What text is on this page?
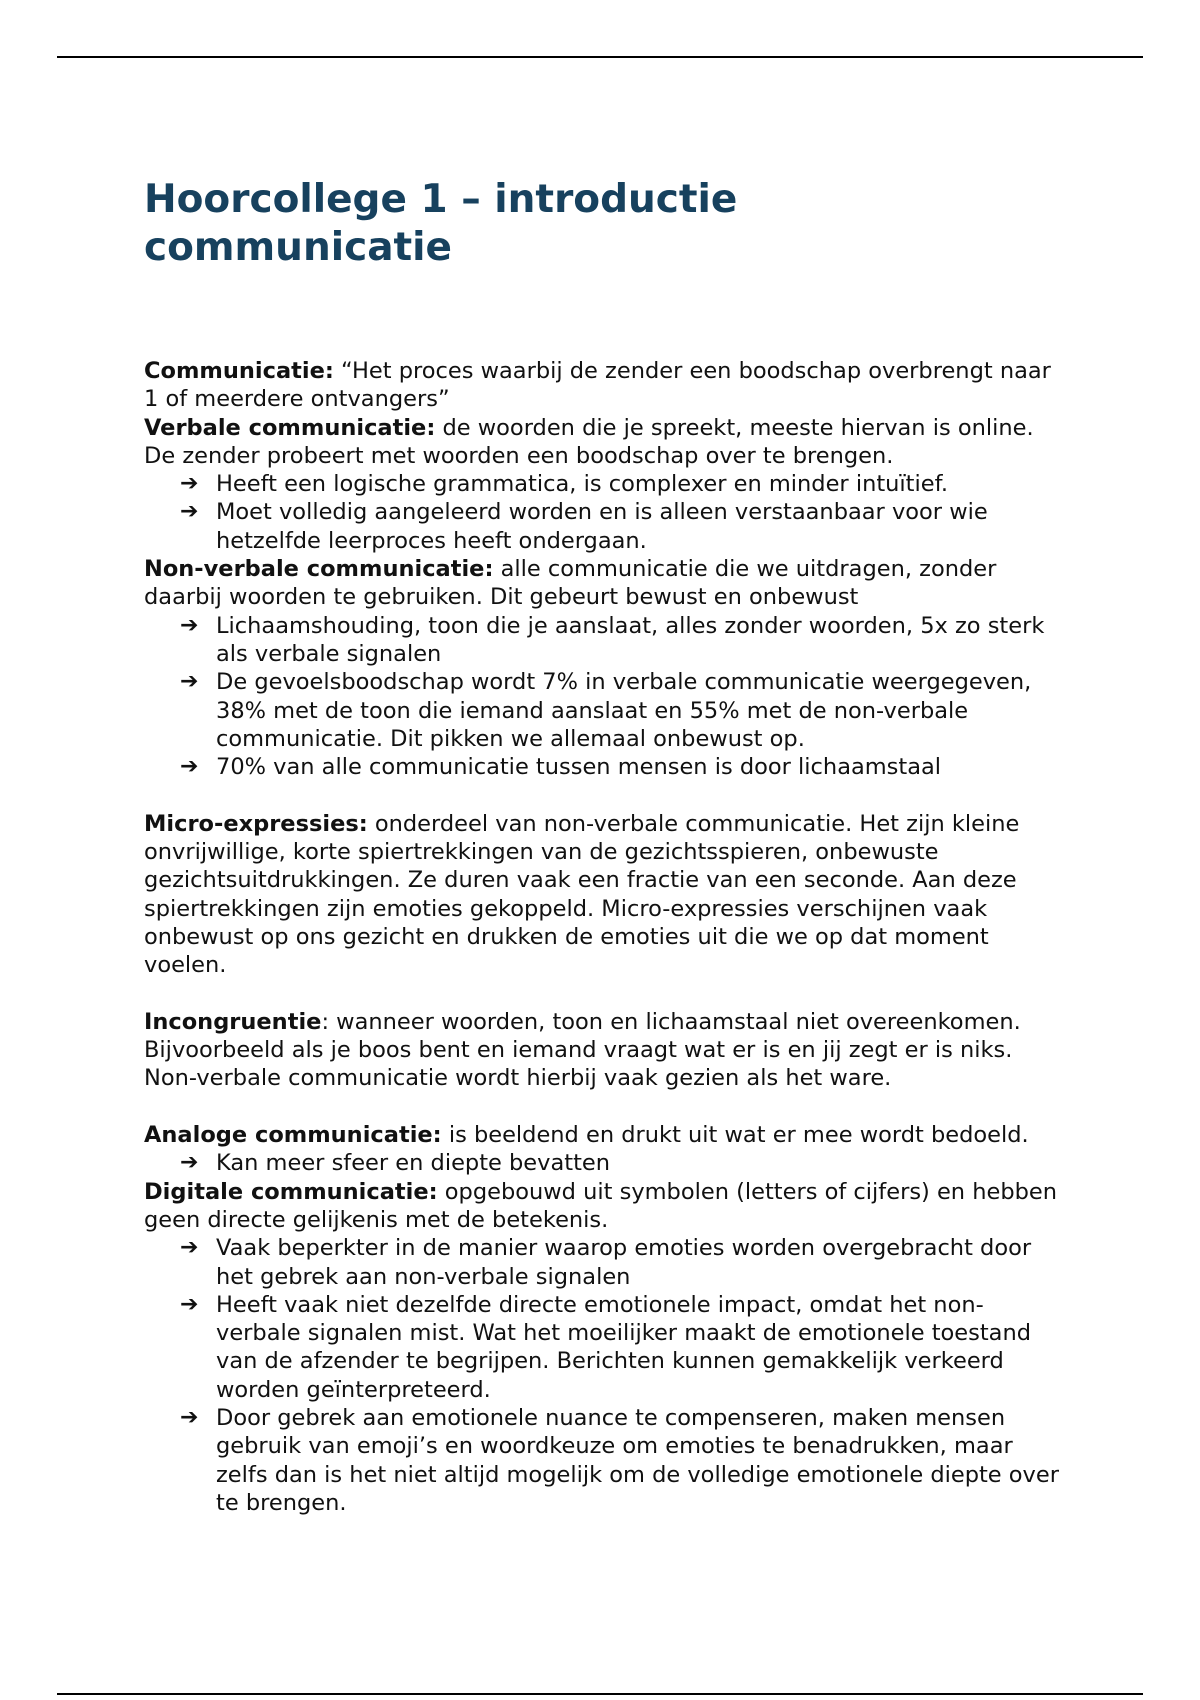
Hoorcollege 1 – introductie communicatie

Communicatie: “Het proces waarbij de zender een boodschap overbrengt naar 1 of meerdere ontvangers”

Verbale communicatie: de woorden die je spreekt, meeste hiervan is online. De zender probeert met woorden een boodschap over te brengen.

➔ Heeft een logische grammatica, is complexer en minder intuïtief.
➔ Moet volledig aangeleerd worden en is alleen verstaanbaar voor wie hetzelfde leerproces heeft ondergaan.

Non-verbale communicatie: alle communicatie die we uitdragen, zonder daarbij woorden te gebruiken. Dit gebeurt bewust en onbewust

➔ Lichaamshouding, toon die je aanslaat, alles zonder woorden, 5x zo sterk als verbale signalen
➔ De gevoelsboodschap wordt 7% in verbale communicatie weergegeven, 38% met de toon die iemand aanslaat en 55% met de non-verbale communicatie. Dit pikken we allemaal onbewust op.
➔ 70% van alle communicatie tussen mensen is door lichaamstaal

Micro-expressies: onderdeel van non-verbale communicatie. Het zijn kleine onvrijwillige, korte spiertrekkingen van de gezichtsspieren, onbewuste gezichtsuitdrukkingen. Ze duren vaak een fractie van een seconde. Aan deze spiertrekkingen zijn emoties gekoppeld. Micro-expressies verschijnen vaak onbewust op ons gezicht en drukken de emoties uit die we op dat moment voelen.

Incongruentie: wanneer woorden, toon en lichaamstaal niet overeenkomen. Bijvoorbeeld als je boos bent en iemand vraagt wat er is en jij zegt er is niks. Non-verbale communicatie wordt hierbij vaak gezien als het ware.

Analoge communicatie: is beeldend en drukt uit wat er mee wordt bedoeld.

➔ Kan meer sfeer en diepte bevatten

Digitale communicatie: opgebouwd uit symbolen (letters of cijfers) en hebben geen directe gelijkenis met de betekenis.

➔ Vaak beperkter in de manier waarop emoties worden overgebracht door het gebrek aan non-verbale signalen
➔ Heeft vaak niet dezelfde directe emotionele impact, omdat het non-verbale signalen mist. Wat het moeilijker maakt de emotionele toestand van de afzender te begrijpen. Berichten kunnen gemakkelijk verkeerd worden geïnterpreteerd.
➔ Door gebrek aan emotionele nuance te compenseren, maken mensen gebruik van emoji’s en woordkeuze om emoties te benadrukken, maar zelfs dan is het niet altijd mogelijk om de volledige emotionele diepte over te brengen.
